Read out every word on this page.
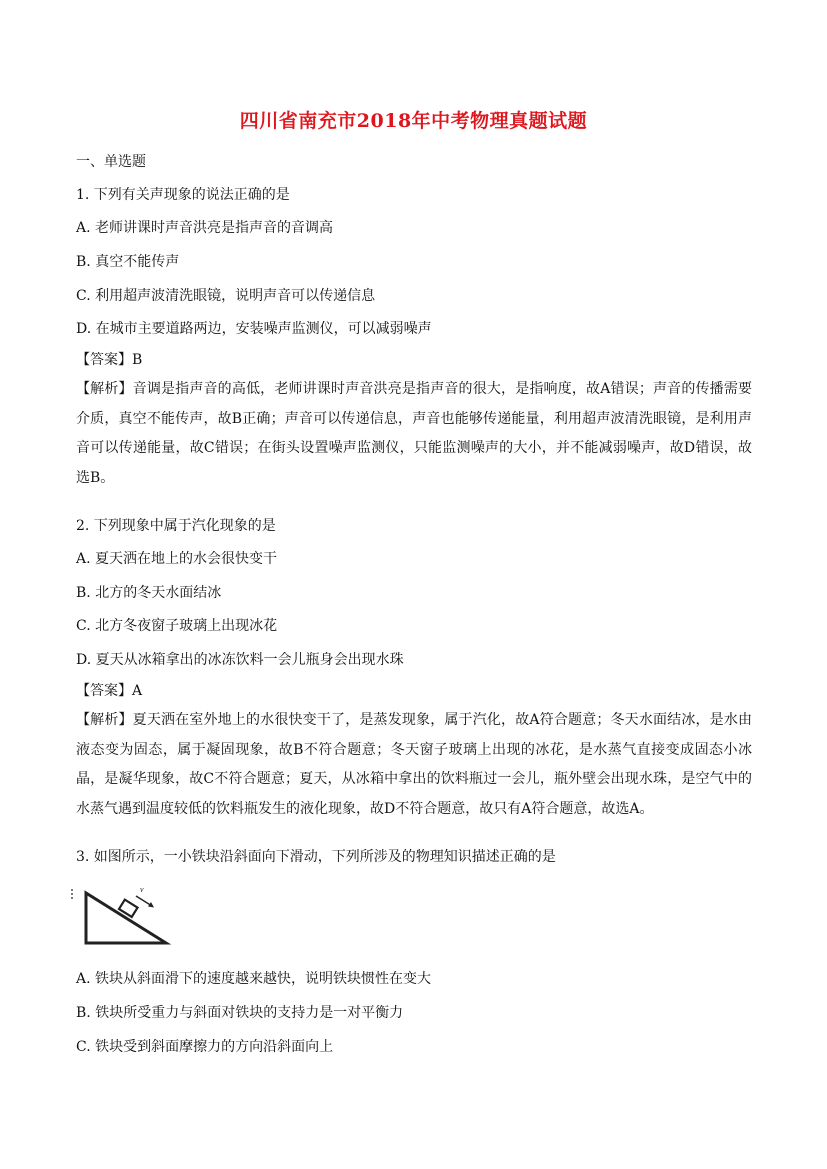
四川省南充市2018年中考物理真题试题
一、单选题
1. 下列有关声现象的说法正确的是
A. 老师讲课时声音洪亮是指声音的音调高
B. 真空不能传声
C. 利用超声波清洗眼镜，说明声音可以传递信息
D. 在城市主要道路两边，安装噪声监测仪，可以减弱噪声
【答案】B
【解析】音调是指声音的高低，老师讲课时声音洪亮是指声音的很大，是指响度，故A错误；声音的传播需要介质，真空不能传声，故B正确；声音可以传递信息，声音也能够传递能量，利用超声波清洗眼镜，是利用声音可以传递能量，故C错误；在街头设置噪声监测仪，只能监测噪声的大小，并不能减弱噪声，故D错误，故选B。
2. 下列现象中属于汽化现象的是
A. 夏天洒在地上的水会很快变干
B. 北方的冬天水面结冰
C. 北方冬夜窗子玻璃上出现冰花
D. 夏天从冰箱拿出的冰冻饮料一会儿瓶身会出现水珠
【答案】A
【解析】夏天洒在室外地上的水很快变干了，是蒸发现象，属于汽化，故A符合题意；冬天水面结冰，是水由液态变为固态，属于凝固现象，故B不符合题意；冬天窗子玻璃上出现的冰花，是水蒸气直接变成固态小冰晶，是凝华现象，故C不符合题意；夏天，从冰箱中拿出的饮料瓶过一会儿，瓶外壁会出现水珠，是空气中的水蒸气遇到温度较低的饮料瓶发生的液化现象，故D不符合题意，故只有A符合题意，故选A。
3. 如图所示，一小铁块沿斜面向下滑动，下列所涉及的物理知识描述正确的是
v
A. 铁块从斜面滑下的速度越来越快，说明铁块惯性在变大
B. 铁块所受重力与斜面对铁块的支持力是一对平衡力
C. 铁块受到斜面摩擦力的方向沿斜面向上
